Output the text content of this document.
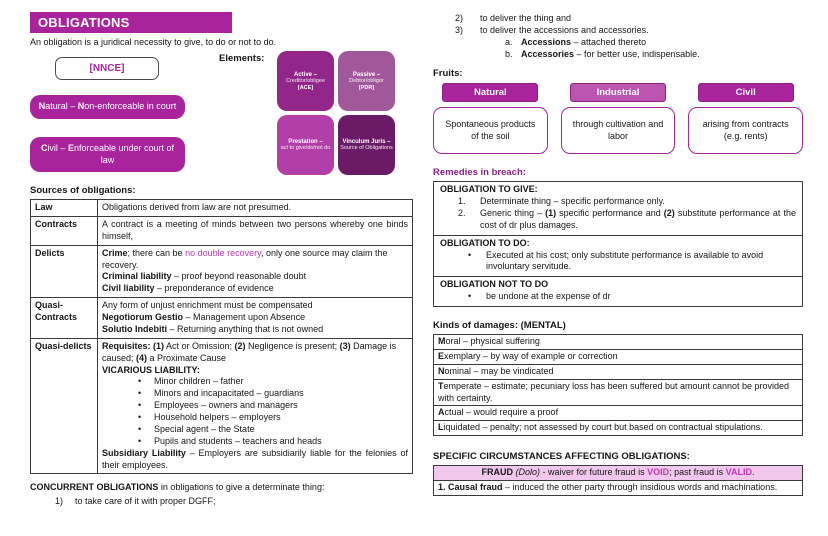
OBLIGATIONS
An obligation is a juridical necessity to give, to do or not to do.
[NNCE]
Elements:
Active –
Creditor/obligee
[ACE]
Passive –
Debtor/obligor
[PDR]
Prestation –
act to give/do/not do
Vinculum Juris –
Source of Obligations
Natural – Non-enforceable in court
Civil – Enforceable under court of law
Sources of obligations:
Law	Obligations derived from law are not presumed.
Contracts	A contract is a meeting of minds between two persons whereby one binds himself,
Delicts	Crime; there can be no double recovery, only one source may claim the recovery.
Criminal liability – proof beyond reasonable doubt
Civil liability – preponderance of evidence

Quasi-Contracts	Any form of unjust enrichment must be compensated
Negotiorum Gestio – Management upon Absence
Solutio Indebiti – Returning anything that is not owned

Quasi-delicts	Requisites: (1) Act or Omission; (2) Negligence is present; (3) Damage is caused; (4) a Proximate Cause
VICARIOUS LIABILITY:
• Minor children – father
• Minors and incapacitated – guardians
• Employees – owners and managers
• Household helpers – employers
• Special agent – the State
• Pupils and students – teachers and heads
Subsidiary Liability – Employers are subsidiarily liable for the felonies of their employees.
CONCURRENT OBLIGATIONS in obligations to give a determinate thing:
1)	to take care of it with proper DGFF;
2)	to deliver the thing and
3)	to deliver the accessions and accessories.
a. Accessions – attached thereto
b. Accessories – for better use, indispensable.
Fruits:
Natural
Spontaneous products of the soil
Industrial
through cultivation and labor
Civil
arising from contracts (e.g. rents)
Remedies in breach:
OBLIGATION TO GIVE:
1.	Determinate thing – specific performance only.
2.	Generic thing – (1) specific performance and (2) substitute performance at the cost of dr plus damages.
OBLIGATION TO DO:
• Executed at his cost; only substitute performance is available to avoid involuntary servitude.
OBLIGATION NOT TO DO
• be undone at the expense of dr
Kinds of damages: (MENTAL)
Moral – physical suffering
Exemplary – by way of example or correction
Nominal – may be vindicated
Temperate – estimate; pecuniary loss has been suffered but amount cannot be provided with certainty.
Actual – would require a proof
Liquidated – penalty; not assessed by court but based on contractual stipulations.
SPECIFIC CIRCUMSTANCES AFFECTING OBLIGATIONS:
FRAUD (Dolo) - waiver for future fraud is VOID; past fraud is VALID.
1. Causal fraud – induced the other party through insidious words and machinations.
